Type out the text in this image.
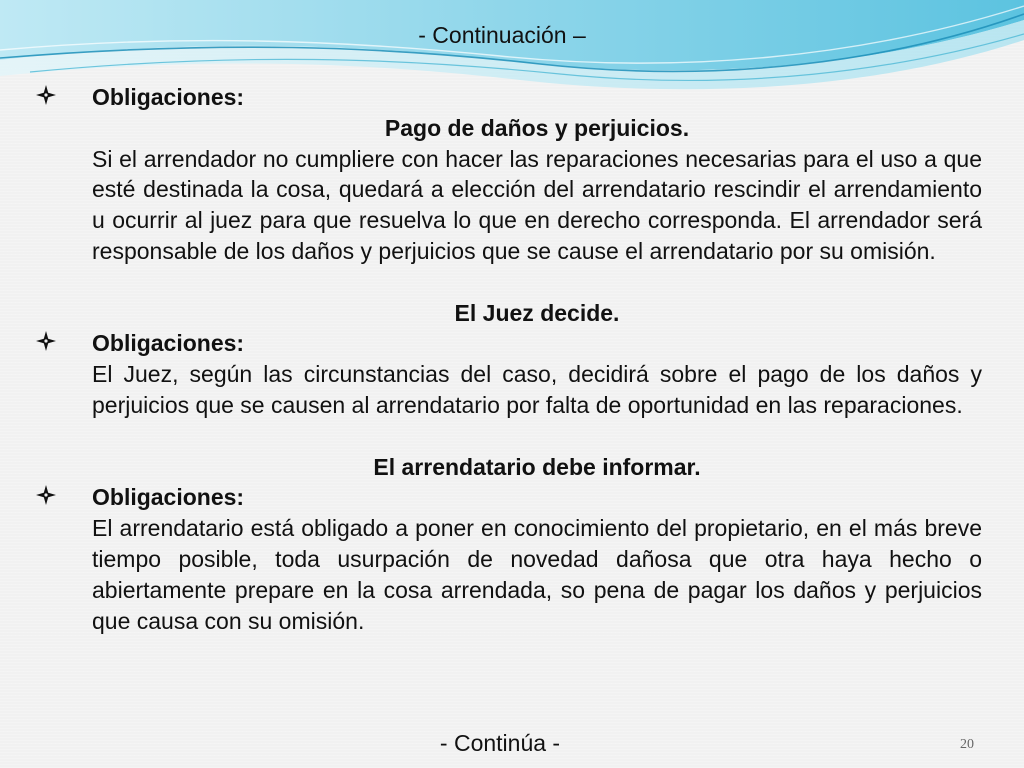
- Continuación –
Obligaciones:
Pago de daños y perjuicios.
Si el arrendador no cumpliere con hacer las reparaciones necesarias para el uso a que esté destinada la cosa, quedará a elección del arrendatario rescindir el arrendamiento u ocurrir al juez para que resuelva lo que en derecho corresponda. El arrendador será responsable de los daños y perjuicios que se cause el arrendatario por su omisión.
El Juez decide.
Obligaciones:
El Juez, según las circunstancias del caso, decidirá sobre el pago de los daños y perjuicios que se causen al arrendatario por falta de oportunidad en las reparaciones.
El arrendatario debe informar.
Obligaciones:
El arrendatario está obligado a poner en conocimiento del propietario, en el más breve tiempo posible, toda usurpación de novedad dañosa que otra haya hecho o abiertamente prepare en la cosa arrendada, so pena de pagar los daños y perjuicios que causa con su omisión.
- Continúa -	20
